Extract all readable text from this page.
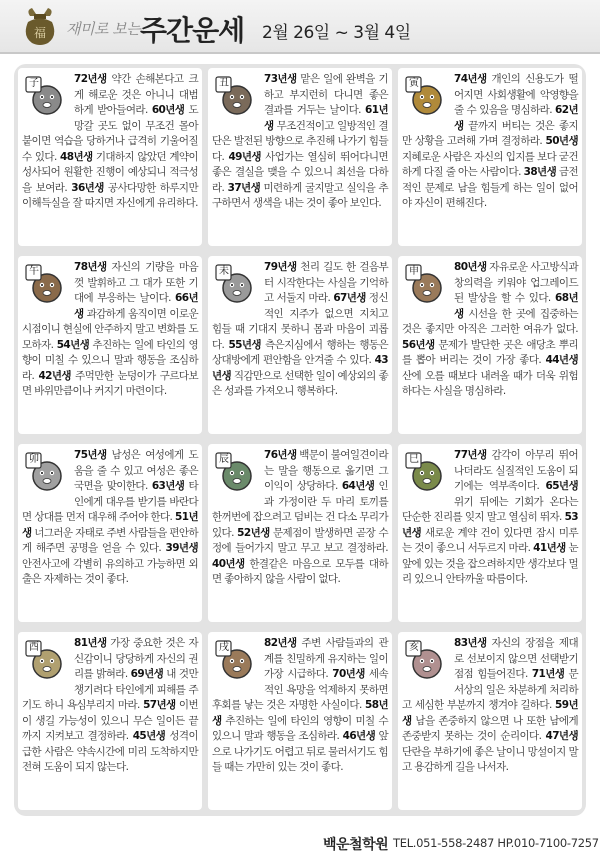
福 재미로 보는 주간운세 2월 26일 ~ 3월 4일
子	72년생 약간 손해본다고 크게 해로운 것은 아니니 대범하게 받아들여라. 60년생 도망갈 곳도 없이 무조건 몰아붙이면 역습을 당하거나 급격히 기울어질 수 있다. 48년생 기대하지 않았던 계약이 성사되어 원활한 진행이 예상되니 적극성을 보여라. 36년생 공사다망한 하루지만 이해득실을 잘 따지면 자신에게 유리하다.
丑	73년생 맡은 일에 완벽을 기하고 부지런히 다니면 좋은 결과를 거두는 날이다. 61년생 무조건적이고 일방적인 결단은 발전된 방향으로 추진해 나가기 힘들다. 49년생 사업가는 열심히 뛰어다니면 좋은 결실을 맺을 수 있으니 최선을 다하라. 37년생 미련하게 굴지말고 실익을 추구하면서 생색을 내는 것이 좋아 보인다.
寅	74년생 개인의 신용도가 떨어지면 사회생활에 악영향을 줄 수 있음을 명심하라. 62년생 끝까지 버티는 것은 좋지만 상황을 고려해 가며 결정하라. 50년생 지혜로운 사람은 자신의 입지를 보다 굳건하게 다질 줄 아는 사람이다. 38년생 금전적인 문제로 남을 힘들게 하는 일이 없어야 자신이 편해진다.
午	78년생 자신의 기량을 마음껏 발휘하고 그 대가 또한 기대에 부응하는 날이다. 66년생 과감하게 움직이면 이로운 시점이니 현실에 안주하지 말고 변화를 도모하자. 54년생 추진하는 일에 타인의 영향이 미칠 수 있으니 말과 행동을 조심하라. 42년생 주먹만한 눈덩이가 구르다보면 바위만큼이나 커지기 마련이다.
未	79년생 천리 길도 한 걸음부터 시작한다는 사실을 기억하고 서둘지 마라. 67년생 정신적인 지주가 없으면 지치고 힘들 때 기대지 못하니 몸과 마음이 괴롭다. 55년생 측은지심에서 행하는 행동은 상대방에게 편안함을 안겨줄 수 있다. 43년생 직감만으로 선택한 일이 예상외의 좋은 성과를 가져오니 행복하다.
申	80년생 자유로운 사고방식과 창의력을 키워야 업그레이드된 발상을 할 수 있다. 68년생 시선을 한 곳에 집중하는 것은 좋지만 아직은 그러한 여유가 없다. 56년생 문제가 발단한 곳은 애당초 뿌리를 뽑아 버리는 것이 가장 좋다. 44년생 산에 오를 때보다 내려올 때가 더욱 위험하다는 사실을 명심하라.
卯	75년생 남성은 여성에게 도움을 줄 수 있고 여성은 좋은 국면을 맞이한다. 63년생 타인에게 대우를 받기를 바란다면 상대를 먼저 대우해 주어야 한다. 51년생 너그러운 자태로 주변 사람들을 편안하게 해주면 공명을 얻을 수 있다. 39년생 안전사고에 각별히 유의하고 가능하면 외출은 자제하는 것이 좋다.
辰	76년생 백문이 불여일견이라는 말을 행동으로 옮기면 그 이익이 상당하다. 64년생 인과 가정이란 두 마리 토끼를 한꺼번에 잡으려고 덤비는 건 다소 무리가 있다. 52년생 문제점이 발생하면 곧장 수정에 들어가지 말고 무고 보고 결정하라. 40년생 한결같은 마음으로 모두를 대하면 좋아하지 않을 사람이 없다.
巳	77년생 감각이 아무리 뛰어나더라도 실질적인 도움이 되기에는 역부족이다. 65년생 위기 뒤에는 기회가 온다는 단순한 진리를 잊지 말고 열심히 뛰자. 53년생 새로운 계약 건이 있다면 잠시 미루는 것이 좋으니 서두르지 마라. 41년생 눈앞에 있는 것을 잡으려하지만 생각보다 멀리 있으니 안타까울 따름이다.
酉	81년생 가장 중요한 것은 자신감이니 당당하게 자신의 권리를 밝혀라. 69년생 내 것만 챙기려다 타인에게 피해를 주기도 하니 욕심부리지 마라. 57년생 이번이 생길 가능성이 있으니 무슨 일이든 끝까지 지켜보고 결정하라. 45년생 성격이 급한 사람은 약속시간에 미리 도착하지만 전혀 도움이 되지 않는다.
戌	82년생 주변 사람들과의 관계를 친밀하게 유지하는 일이 가장 시급하다. 70년생 세속적인 욕망을 억제하지 못하면 후회를 낳는 것은 자명한 사실이다. 58년생 추진하는 일에 타인의 영향이 미칠 수 있으니 말과 행동을 조심하라. 46년생 앞으로 나가기도 어렵고 뒤로 물러서기도 힘들 때는 가만히 있는 것이 좋다.
亥	83년생 자신의 장점을 제대로 선보이지 않으면 선택받기 점점 힘들어진다. 71년생 문서상의 일은 차분하게 처리하고 세심한 부분까지 챙겨야 길하다. 59년생 남을 존중하지 않으면 나 또한 남에게 존중받지 못하는 것이 순리이다. 47년생 단란을 부하기에 좋은 날이니 망설이지 말고 용감하게 길을 나서자.
백운철학원 TEL.051-558-2487 HP.010-7100-7257
